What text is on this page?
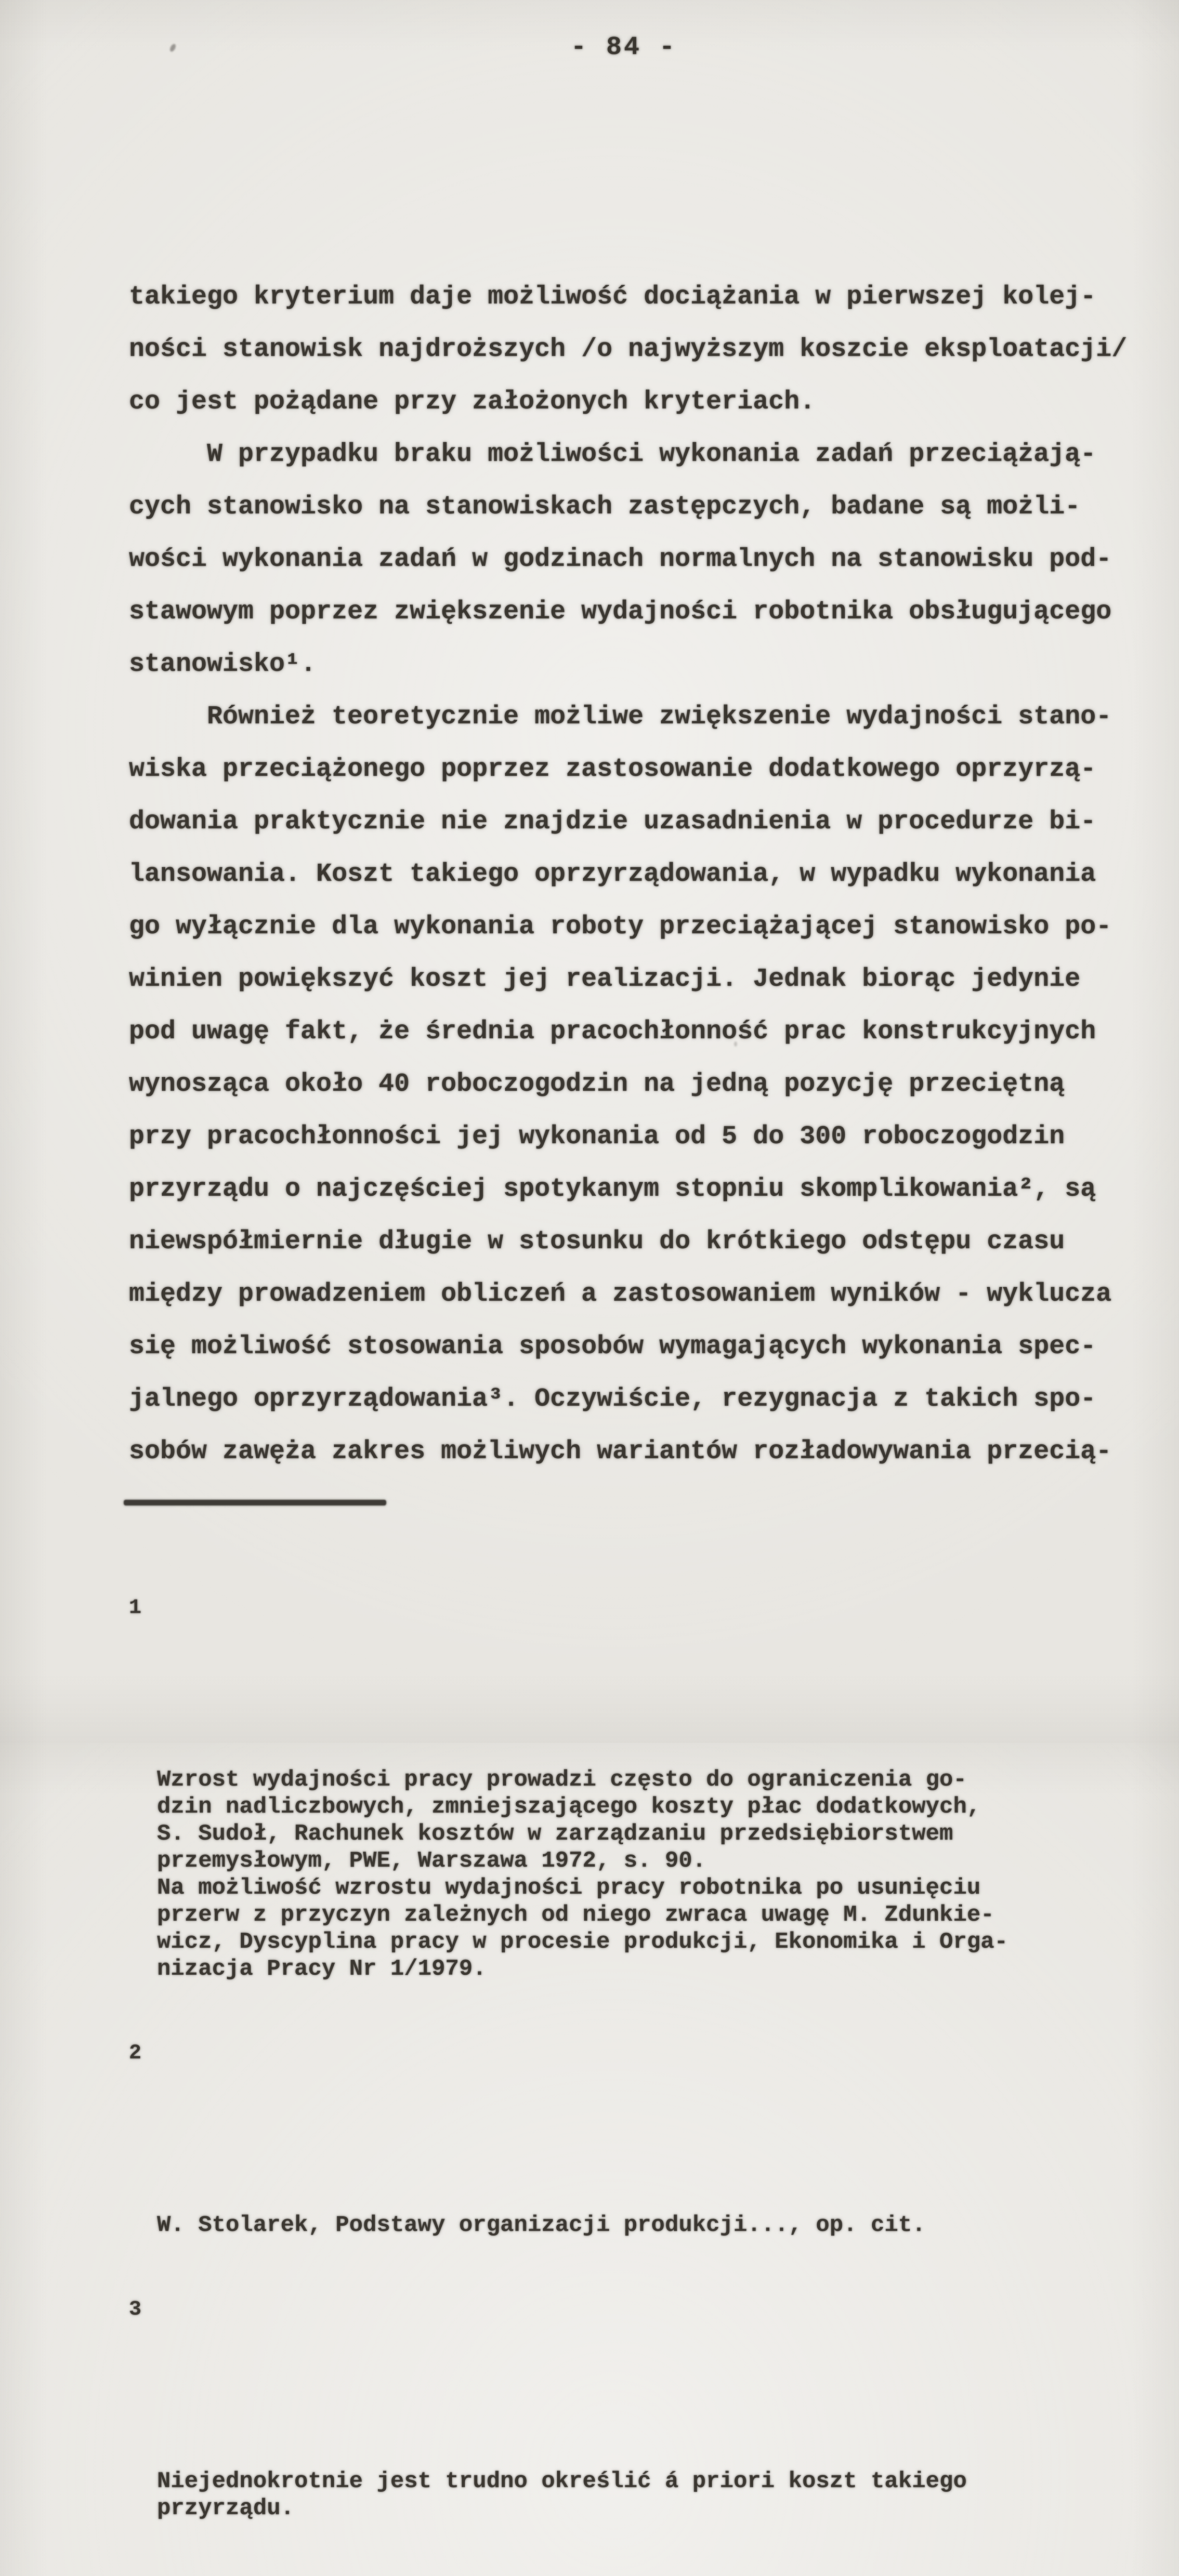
- 84 -

takiego kryterium daje możliwość dociążania w pierwszej kolej-
ności stanowisk najdroższych /o najwyższym koszcie eksploatacji/
co jest pożądane przy założonych kryteriach.
W przypadku braku możliwości wykonania zadań przeciążają-
cych stanowisko na stanowiskach zastępczych, badane są możli-
wości wykonania zadań w godzinach normalnych na stanowisku pod-
stawowym poprzez zwiększenie wydajności robotnika obsługującego
stanowisko¹.
Również teoretycznie możliwe zwiększenie wydajności stano-
wiska przeciążonego poprzez zastosowanie dodatkowego oprzyrzą-
dowania praktycznie nie znajdzie uzasadnienia w procedurze bi-
lansowania. Koszt takiego oprzyrządowania, w wypadku wykonania
go wyłącznie dla wykonania roboty przeciążającej stanowisko po-
winien powiększyć koszt jej realizacji. Jednak biorąc jedynie
pod uwagę fakt, że średnia pracochłonność prac konstrukcyjnych
wynosząca około 40 roboczogodzin na jedną pozycję przeciętną
przy pracochłonności jej wykonania od 5 do 300 roboczogodzin
przyrządu o najczęściej spotykanym stopniu skomplikowania², są
niewspółmiernie długie w stosunku do krótkiego odstępu czasu
między prowadzeniem obliczeń a zastosowaniem wyników - wyklucza
się możliwość stosowania sposobów wymagających wykonania spec-
jalnego oprzyrządowania³. Oczywiście, rezygnacja z takich spo-
sobów zawęża zakres możliwych wariantów rozładowywania przecią-

1

Wzrost wydajności pracy prowadzi często do ograniczenia go-
dzin nadliczbowych, zmniejszającego koszty płac dodatkowych,
S. Sudoł, Rachunek kosztów w zarządzaniu przedsiębiorstwem
przemysłowym, PWE, Warszawa 1972, s. 90.
Na możliwość wzrostu wydajności pracy robotnika po usunięciu
przerw z przyczyn zależnych od niego zwraca uwagę M. Zdunkie-
wicz, Dyscyplina pracy w procesie produkcji, Ekonomika i Orga-
nizacja Pracy Nr 1/1979.

2

W. Stolarek, Podstawy organizacji produkcji..., op. cit.

3

Niejednokrotnie jest trudno określić á priori koszt takiego
przyrządu.
